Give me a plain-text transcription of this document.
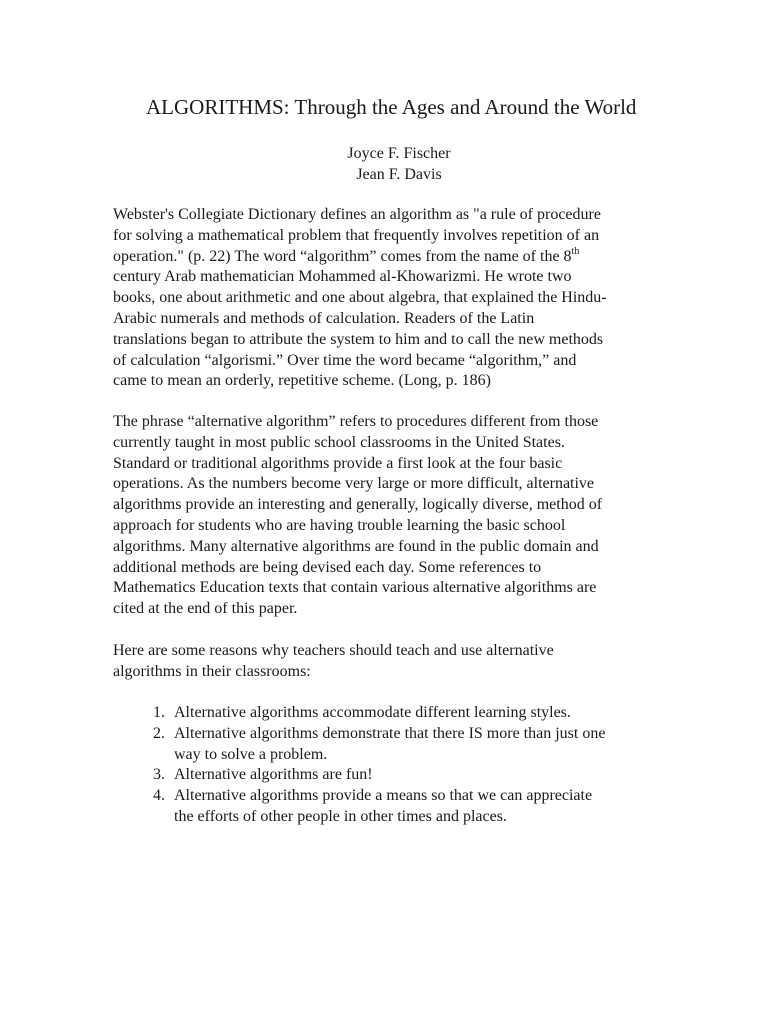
ALGORITHMS: Through the Ages and Around the World
Joyce F. Fischer
Jean F. Davis

Webster's Collegiate Dictionary defines an algorithm as "a rule of procedure
for solving a mathematical problem that frequently involves repetition of an
operation." (p. 22) The word “algorithm” comes from the name of the 8th
century Arab mathematician Mohammed al-Khowarizmi. He wrote two
books, one about arithmetic and one about algebra, that explained the Hindu-
Arabic numerals and methods of calculation. Readers of the Latin
translations began to attribute the system to him and to call the new methods
of calculation “algorismi.” Over time the word became “algorithm,” and
came to mean an orderly, repetitive scheme. (Long, p. 186)

The phrase “alternative algorithm” refers to procedures different from those
currently taught in most public school classrooms in the United States.
Standard or traditional algorithms provide a first look at the four basic
operations. As the numbers become very large or more difficult, alternative
algorithms provide an interesting and generally, logically diverse, method of
approach for students who are having trouble learning the basic school
algorithms. Many alternative algorithms are found in the public domain and
additional methods are being devised each day. Some references to
Mathematics Education texts that contain various alternative algorithms are
cited at the end of this paper.

Here are some reasons why teachers should teach and use alternative
algorithms in their classrooms:

1. Alternative algorithms accommodate different learning styles.
2. Alternative algorithms demonstrate that there IS more than just one
way to solve a problem.
3. Alternative algorithms are fun!
4. Alternative algorithms provide a means so that we can appreciate
the efforts of other people in other times and places.
